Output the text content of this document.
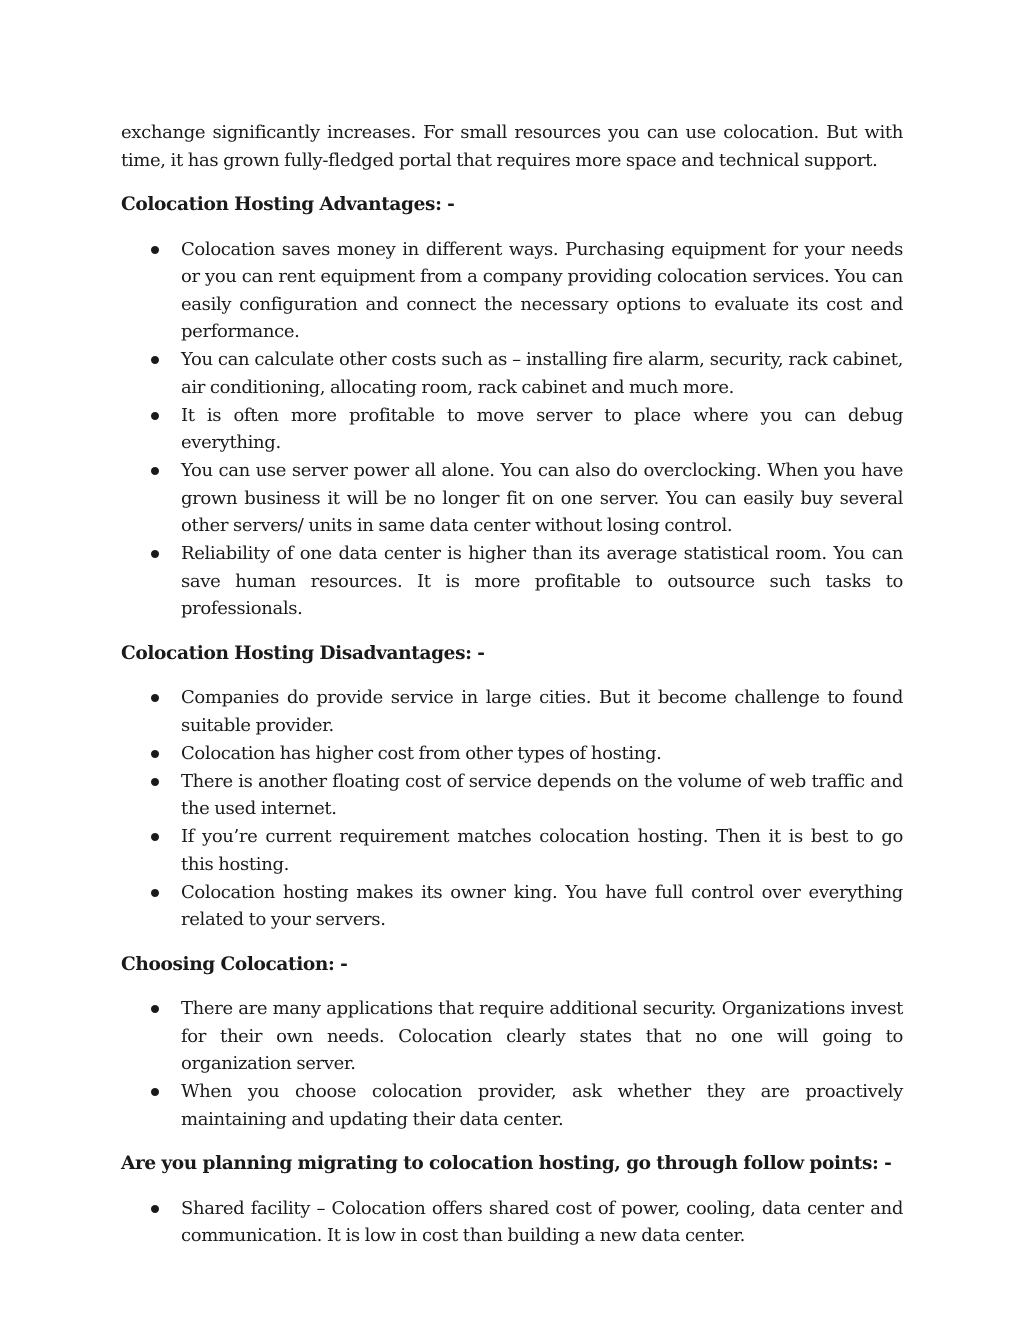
exchange significantly increases. For small resources you can use colocation. But with time, it has grown fully-fledged portal that requires more space and technical support.

Colocation Hosting Advantages: -
Colocation saves money in different ways. Purchasing equipment for your needs or you can rent equipment from a company providing colocation services. You can easily configuration and connect the necessary options to evaluate its cost and performance.
You can calculate other costs such as – installing fire alarm, security, rack cabinet, air conditioning, allocating room, rack cabinet and much more.
It is often more profitable to move server to place where you can debug everything.
You can use server power all alone. You can also do overclocking. When you have grown business it will be no longer fit on one server. You can easily buy several other servers/ units in same data center without losing control.
Reliability of one data center is higher than its average statistical room. You can save human resources. It is more profitable to outsource such tasks to professionals.
Colocation Hosting Disadvantages: -
Companies do provide service in large cities. But it become challenge to found suitable provider.
Colocation has higher cost from other types of hosting.
There is another floating cost of service depends on the volume of web traffic and the used internet.
If you’re current requirement matches colocation hosting. Then it is best to go this hosting.
Colocation hosting makes its owner king. You have full control over everything related to your servers.
Choosing Colocation: -
There are many applications that require additional security. Organizations invest for their own needs. Colocation clearly states that no one will going to organization server.
When you choose colocation provider, ask whether they are proactively maintaining and updating their data center.
Are you planning migrating to colocation hosting, go through follow points: -
Shared facility – Colocation offers shared cost of power, cooling, data center and communication. It is low in cost than building a new data center.
